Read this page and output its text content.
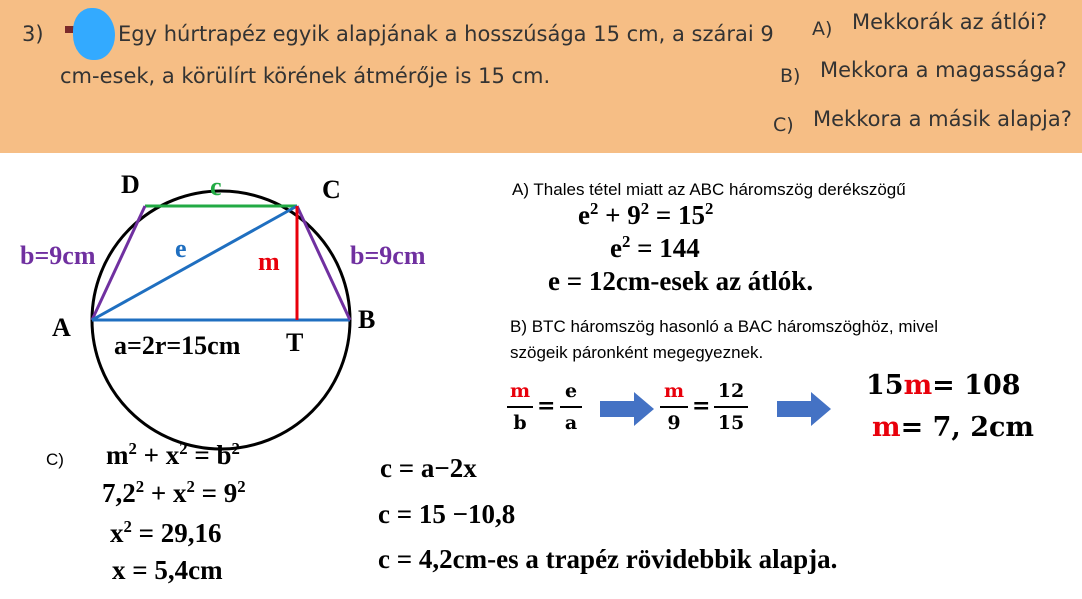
3)	Egy húrtrapéz egyik alapjának a hosszúsága 15 cm, a szárai 9
cm-esek, a körülírt körének átmérője is 15 cm.
A) Mekkorák az átlói?
B) Mekkora a magassága?
C) Mekkora a másik alapja?
D	C
A	B
T
c
e	m
b=9cm	b=9cm
a=2r=15cm
A) Thales tétel miatt az ABC háromszög derékszögű
$e^2 + 9^2 = 15^2$
$e^2 = 144$
e = 12cm-esek az átlók.
B) BTC háromszög hasonló a BAC háromszöghöz, mivel
szögeik páronként megegyeznek.
m
b
=
e
a
m
9
=
12
15
15m= 108
m= 7, 2cm
C) $m^2 + x^2 = b^2$
$7,2^2 + x^2 = 9^2$
$x^2 = 29,16$
x = 5,4cm
c = a−2x
c = 15 −10,8
c = 4,2cm-es a trapéz rövidebbik alapja.
